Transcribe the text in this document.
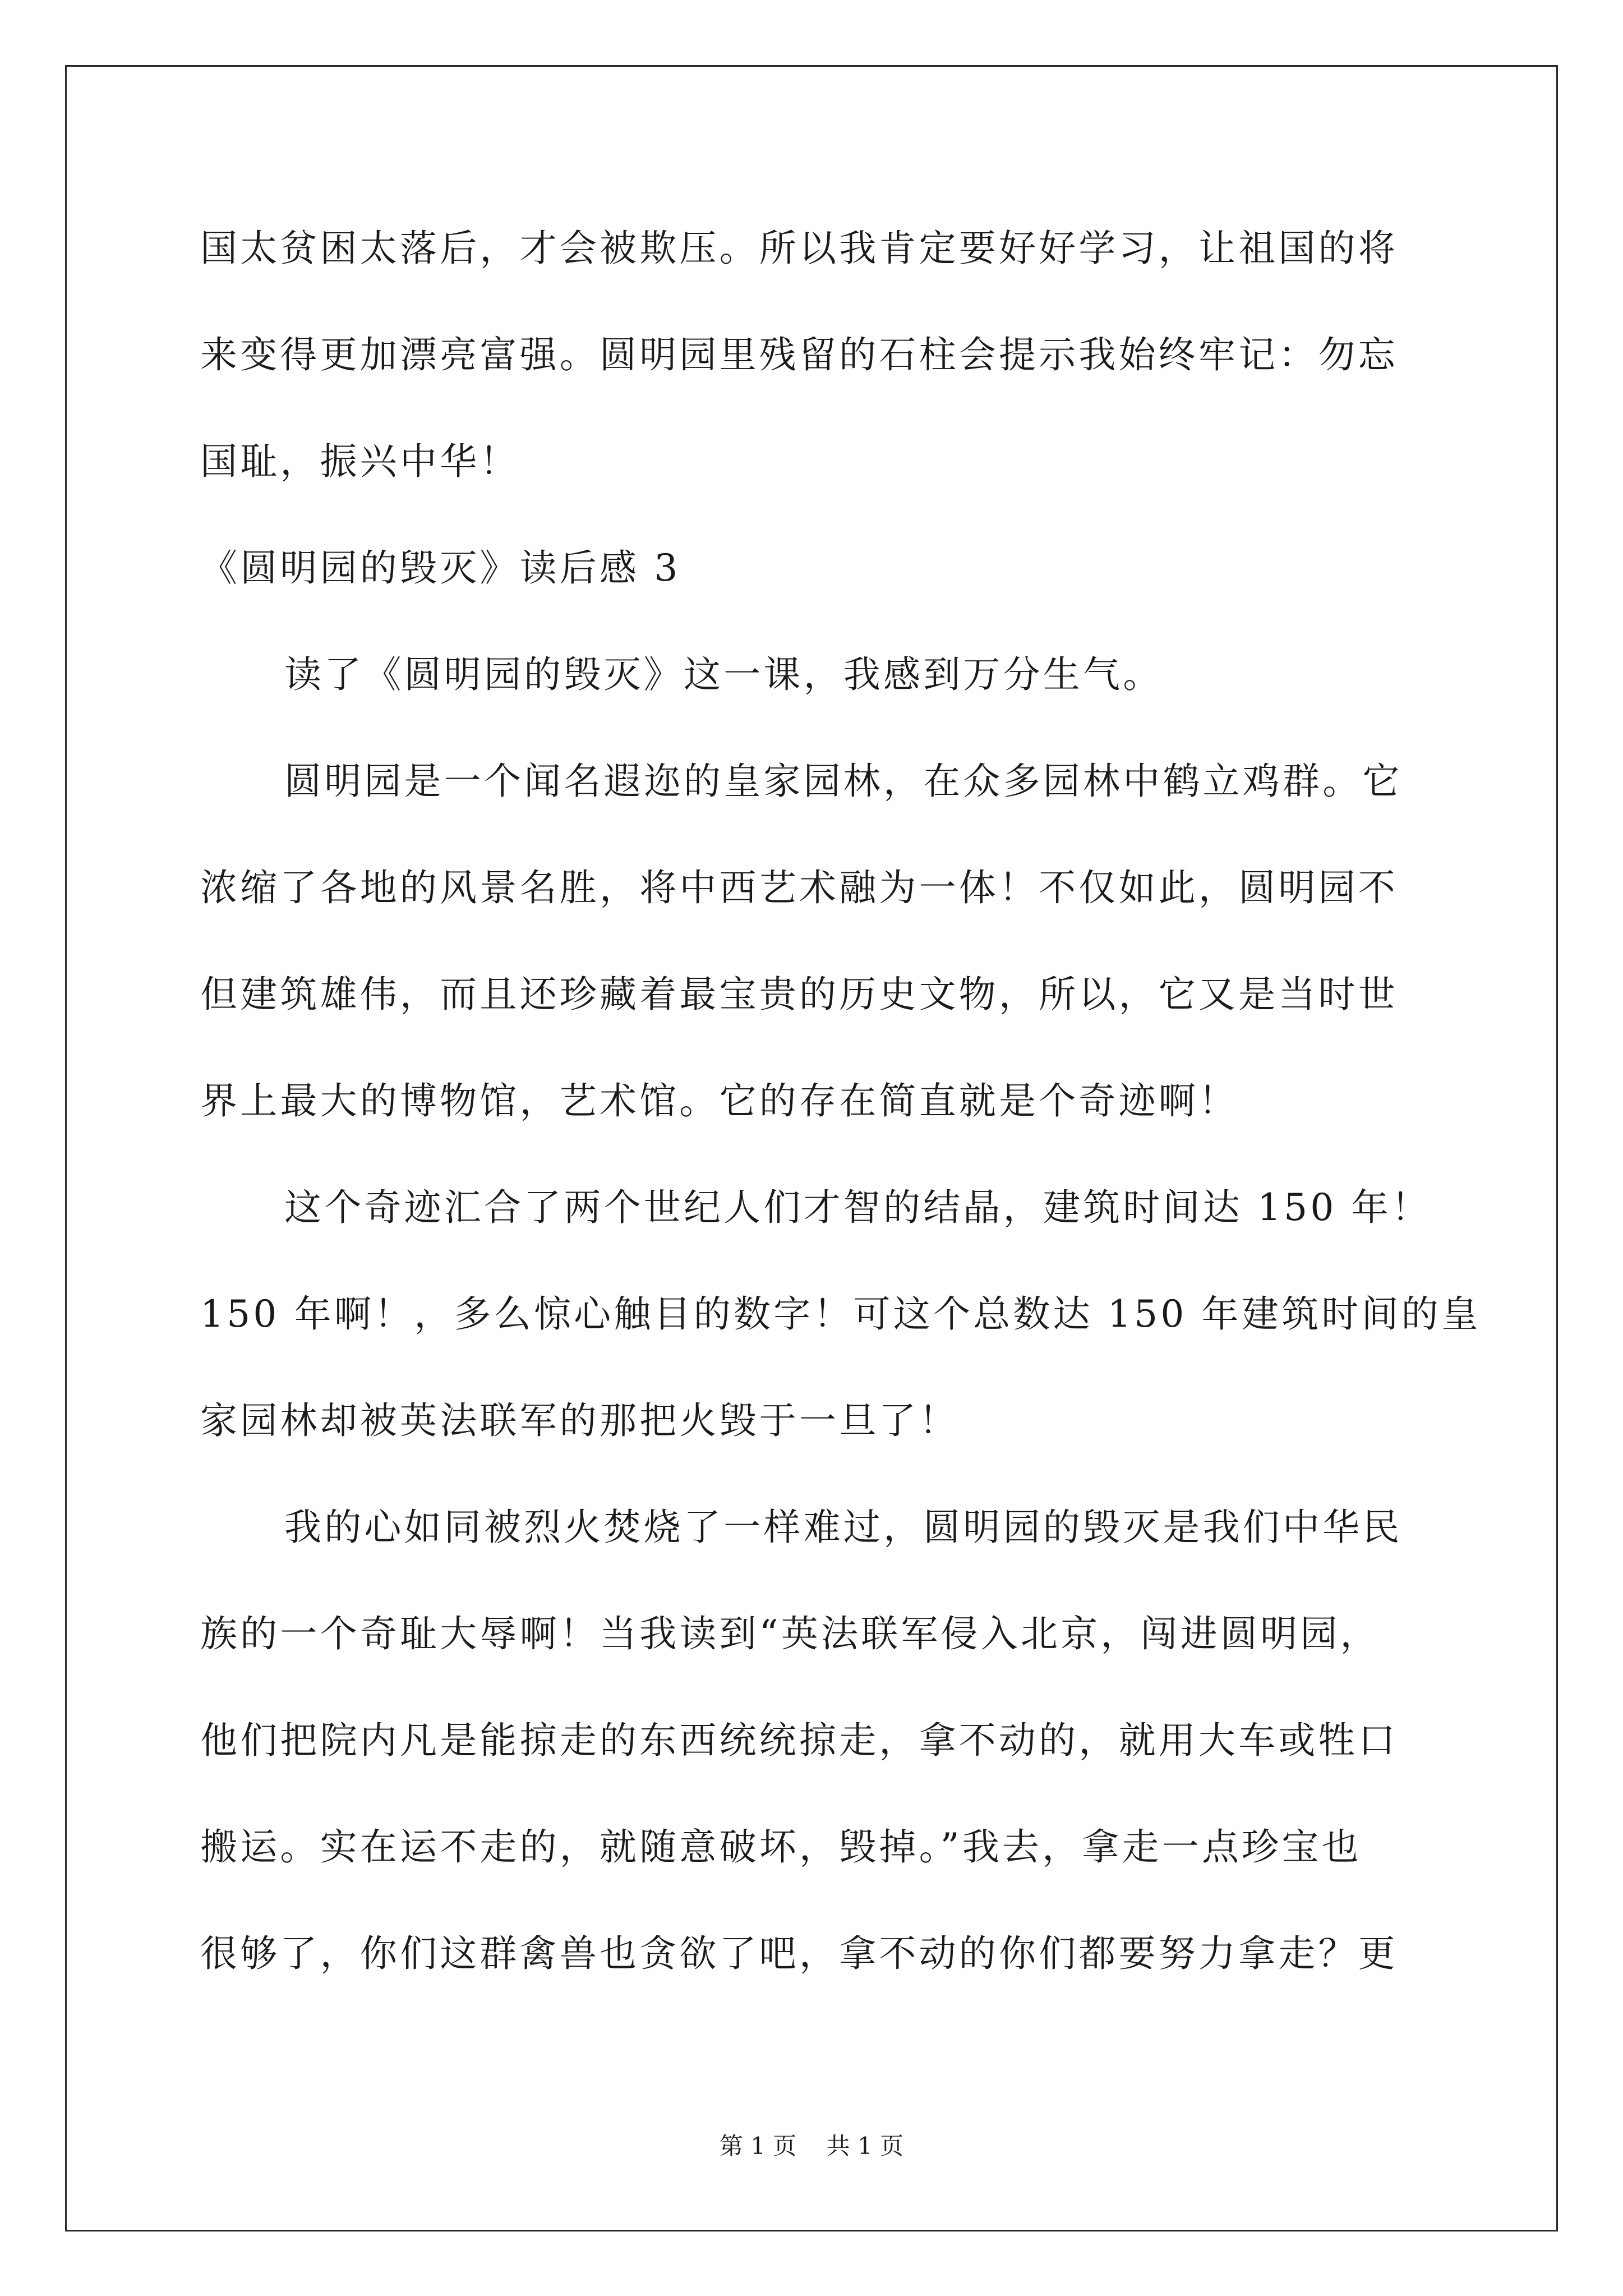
国太贫困太落后，才会被欺压。所以我肯定要好好学习，让祖国的将
来变得更加漂亮富强。圆明园里残留的石柱会提示我始终牢记：勿忘
国耻，振兴中华！
《圆明园的毁灭》读后感 3
读了《圆明园的毁灭》这一课，我感到万分生气。
圆明园是一个闻名遐迩的皇家园林，在众多园林中鹤立鸡群。它
浓缩了各地的风景名胜，将中西艺术融为一体！不仅如此，圆明园不
但建筑雄伟，而且还珍藏着最宝贵的历史文物，所以，它又是当时世
界上最大的博物馆，艺术馆。它的存在简直就是个奇迹啊！
这个奇迹汇合了两个世纪人们才智的结晶，建筑时间达 150 年！
150 年啊！，多么惊心触目的数字！可这个总数达 150 年建筑时间的皇
家园林却被英法联军的那把火毁于一旦了！
我的心如同被烈火焚烧了一样难过，圆明园的毁灭是我们中华民
族的一个奇耻大辱啊！当我读到“英法联军侵入北京，闯进圆明园，
他们把院内凡是能掠走的东西统统掠走，拿不动的，就用大车或牲口
搬运。实在运不走的，就随意破坏，毁掉。”我去，拿走一点珍宝也
很够了，你们这群禽兽也贪欲了吧，拿不动的你们都要努力拿走？更
第 1 页 共 1 页
